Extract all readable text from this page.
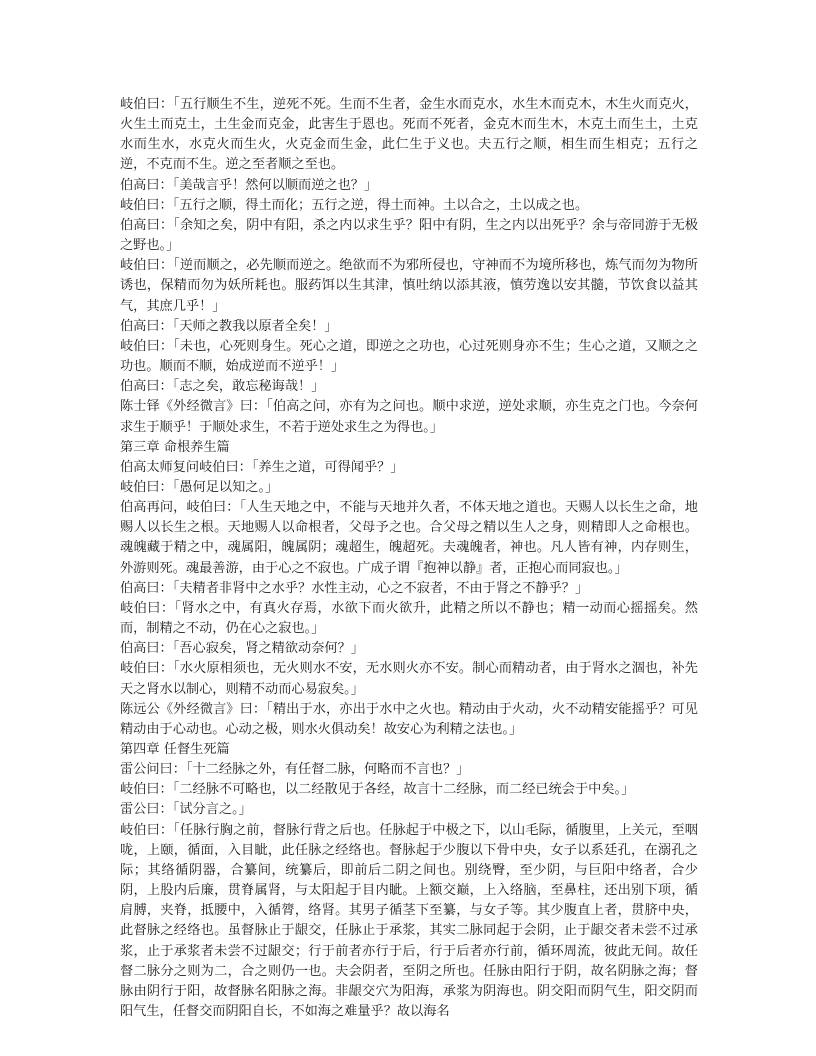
岐伯曰：「五行顺生不生，逆死不死。生而不生者，金生水而克水，水生木而克木，木生火而克火，火生土而克土，土生金而克金，此害生于恩也。死而不死者，金克木而生木，木克土而生土，土克水而生水，水克火而生火，火克金而生金，此仁生于义也。夫五行之顺，相生而生相克；五行之逆，不克而不生。逆之至者顺之至也。

伯高曰：「美哉言乎！然何以顺而逆之也？」

岐伯曰：「五行之顺，得土而化；五行之逆，得土而神。土以合之，土以成之也。

伯高曰：「余知之矣，阴中有阳，杀之内以求生乎？阳中有阴，生之内以出死乎？余与帝同游于无极之野也。」

岐伯曰：「逆而顺之，必先顺而逆之。绝欲而不为邪所侵也，守神而不为境所移也，炼气而勿为物所诱也，保精而勿为妖所耗也。服药饵以生其津，慎吐纳以添其液，慎劳逸以安其髓，节饮食以益其气，其庶几乎！」

伯高曰：「天师之教我以原者全矣！」

岐伯曰：「未也，心死则身生。死心之道，即逆之之功也，心过死则身亦不生；生心之道，又顺之之功也。顺而不顺，始成逆而不逆乎！」

伯高曰：「志之矣，敢忘秘诲哉！」

陈士铎《外经微言》曰：「伯高之问，亦有为之问也。顺中求逆，逆处求顺，亦生克之门也。今奈何求生于顺乎！于顺处求生，不若于逆处求生之为得也。」

第三章 命根养生篇

伯高太师复问岐伯曰：「养生之道，可得闻乎？」

岐伯曰：「愚何足以知之。」

伯高再问，岐伯曰：「人生天地之中，不能与天地并久者，不体天地之道也。天赐人以长生之命，地赐人以长生之根。天地赐人以命根者，父母予之也。合父母之精以生人之身，则精即人之命根也。魂魄藏于精之中，魂属阳，魄属阴；魂超生，魄超死。夫魂魄者，神也。凡人皆有神，内存则生，外游则死。魂最善游，由于心之不寂也。广成子谓『抱神以静』者，正抱心而同寂也。」

伯高曰：「夫精者非肾中之水乎？水性主动，心之不寂者，不由于肾之不静乎？」

岐伯曰：「肾水之中，有真火存焉，水欲下而火欲升，此精之所以不静也；精一动而心摇摇矣。然而，制精之不动，仍在心之寂也。」

伯高曰：「吾心寂矣，肾之精欲动奈何？」

岐伯曰：「水火原相须也，无火则水不安，无水则火亦不安。制心而精动者，由于肾水之涸也，补先天之肾水以制心，则精不动而心易寂矣。」

陈远公《外经微言》曰：「精出于水，亦出于水中之火也。精动由于火动，火不动精安能摇乎？可见精动由于心动也。心动之极，则水火俱动矣！故安心为利精之法也。」

第四章 任督生死篇

雷公问曰：「十二经脉之外，有任督二脉，何略而不言也？」

岐伯曰：「二经脉不可略也，以二经散见于各经，故言十二经脉，而二经已统会于中矣。」

雷公曰：「试分言之。」

岐伯曰：「任脉行胸之前，督脉行背之后也。任脉起于中极之下，以山毛际，循腹里，上关元，至咽咙，上颐，循面，入目眦，此任脉之经络也。督脉起于少腹以下骨中央，女子以系廷孔，在溺孔之际；其络循阴器，合纂间，统纂后，即前后二阴之间也。别绕臀，至少阴，与巨阳中络者，合少阴，上股内后廉，贯脊属肾，与太阳起于目内眦。上额交巅，上入络脑，至鼻柱，还出别下项，循肩膊，夹脊，抵腰中，入循膂，络肾。其男子循茎下至纂，与女子等。其少腹直上者，贯脐中央，此督脉之经络也。虽督脉止于龈交，任脉止于承浆，其实二脉同起于会阴，止于龈交者未尝不过承浆，止于承浆者未尝不过龈交；行于前者亦行于后，行于后者亦行前，循环周流，彼此无间。故任督二脉分之则为二，合之则仍一也。夫会阴者，至阴之所也。任脉由阳行于阴，故名阴脉之海；督脉由阴行于阳，故督脉名阳脉之海。非龈交穴为阳海，承浆为阴海也。阴交阳而阴气生，阳交阴而阳气生，任督交而阴阳自长，不如海之难量乎？故以海名
